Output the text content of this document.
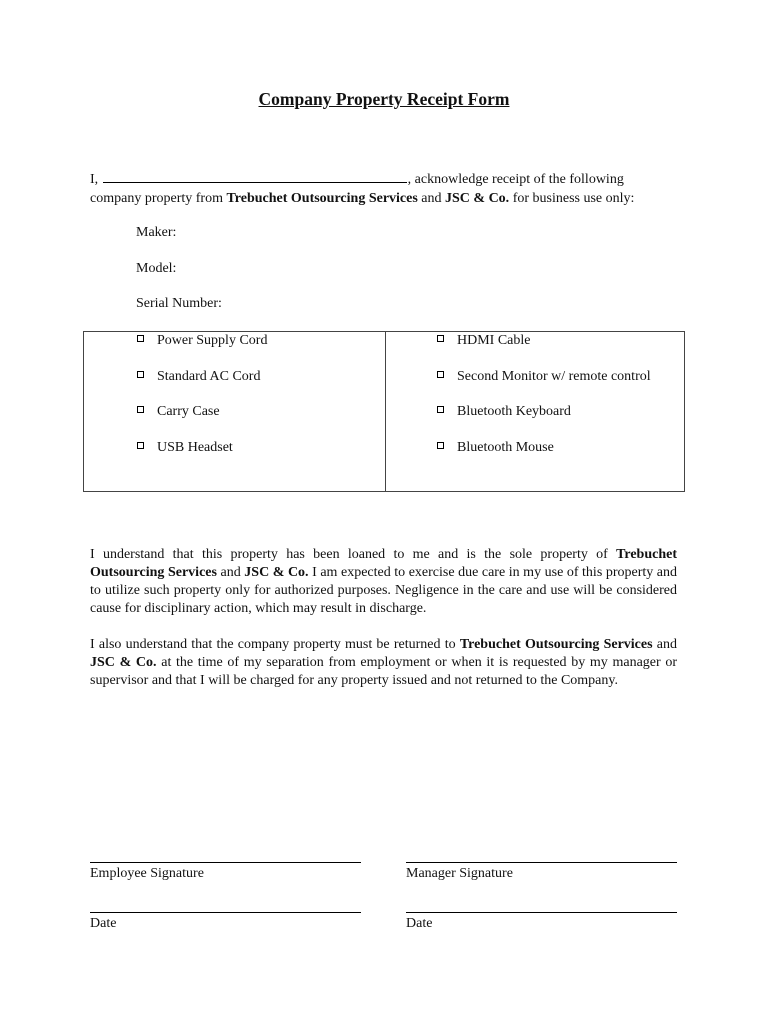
Company Property Receipt Form
I,	, acknowledge receipt of the following
company property from Trebuchet Outsourcing Services and JSC & Co. for business use only:
Maker:
Model:
Serial Number:
Power Supply Cord
Standard AC Cord
Carry Case
USB Headset
HDMI Cable
Second Monitor w/ remote control
Bluetooth Keyboard
Bluetooth Mouse
I understand that this property has been loaned to me and is the sole property of Trebuchet Outsourcing Services and JSC & Co. I am expected to exercise due care in my use of this property and to utilize such property only for authorized purposes. Negligence in the care and use will be considered cause for disciplinary action, which may result in discharge.
I also understand that the company property must be returned to Trebuchet Outsourcing Services and JSC & Co. at the time of my separation from employment or when it is requested by my manager or supervisor and that I will be charged for any property issued and not returned to the Company.
Employee Signature	Manager Signature
Date	Date
